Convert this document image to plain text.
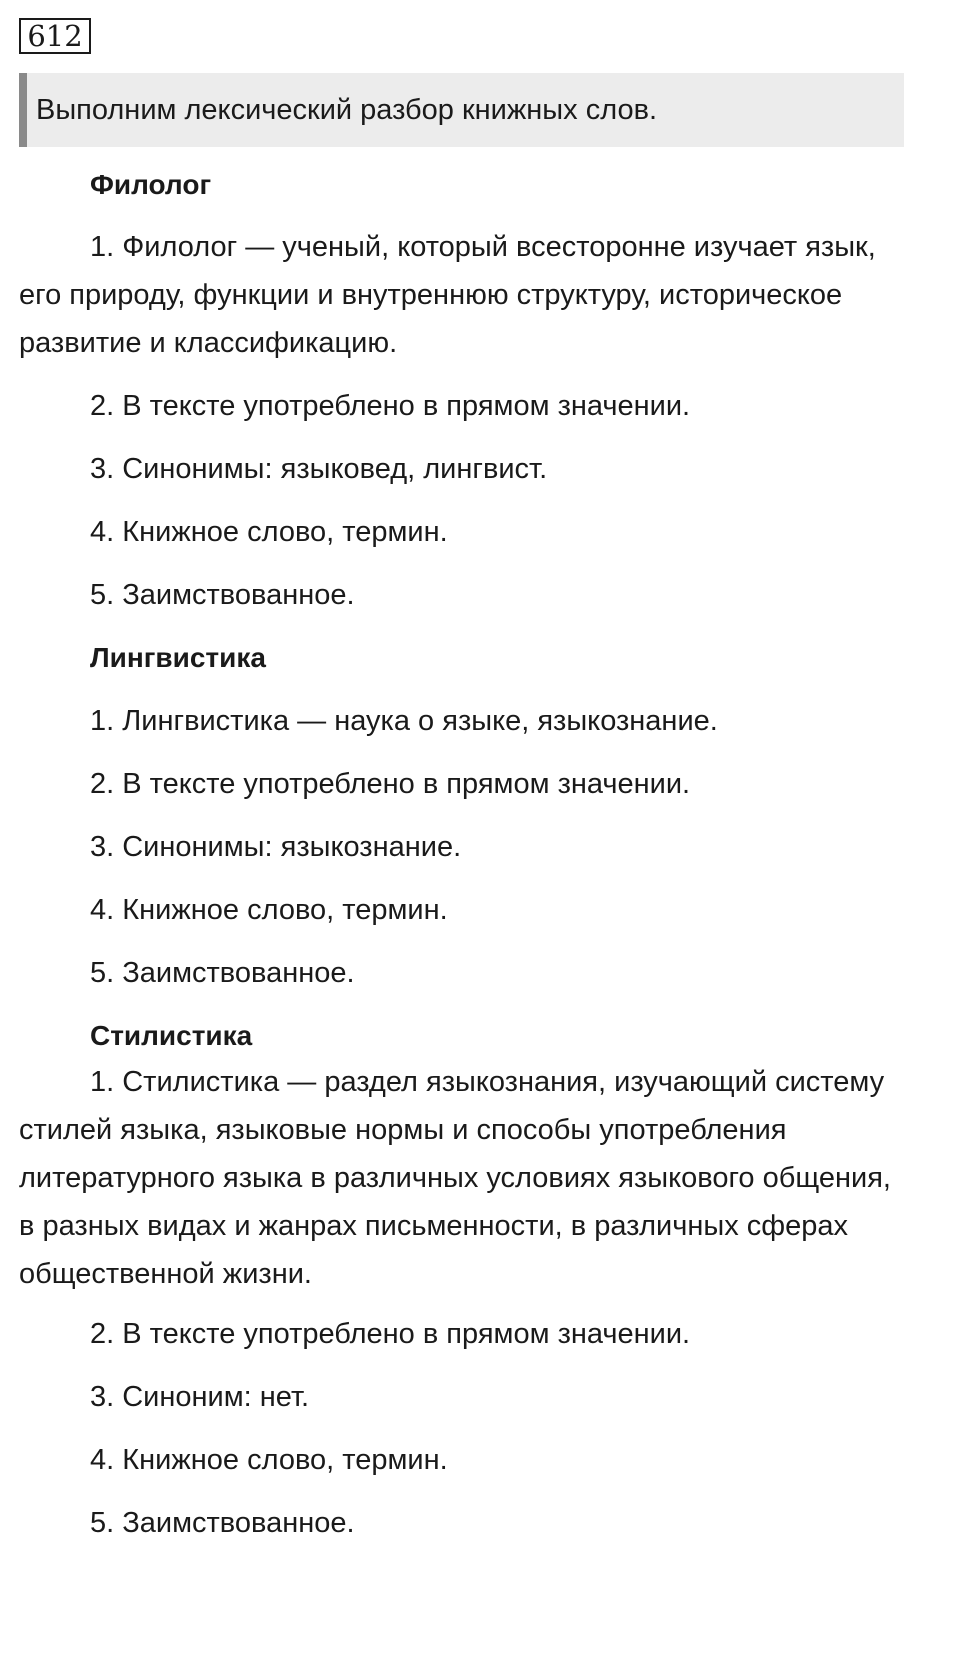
612
Выполним лексический разбор книжных слов.
Филолог

1. Филолог — ученый, который всесторонне изучает язык, его природу, функции и внутреннюю структуру, историческое развитие и классификацию.

2. В тексте употреблено в прямом значении.
3. Синонимы: языковед, лингвист.
4. Книжное слово, термин.
5. Заимствованное.
Лингвистика
1. Лингвистика — наука о языке, языкознание.
2. В тексте употреблено в прямом значении.
3. Синонимы: языкознание.
4. Книжное слово, термин.
5. Заимствованное.
Стилистика

1. Стилистика — раздел языкознания, изучающий систему стилей языка, языковые нормы и способы употребления литературного языка в различных условиях языкового общения, в разных видах и жанрах письменности, в различных сферах общественной жизни.

2. В тексте употреблено в прямом значении.
3. Синоним: нет.
4. Книжное слово, термин.
5. Заимствованное.
